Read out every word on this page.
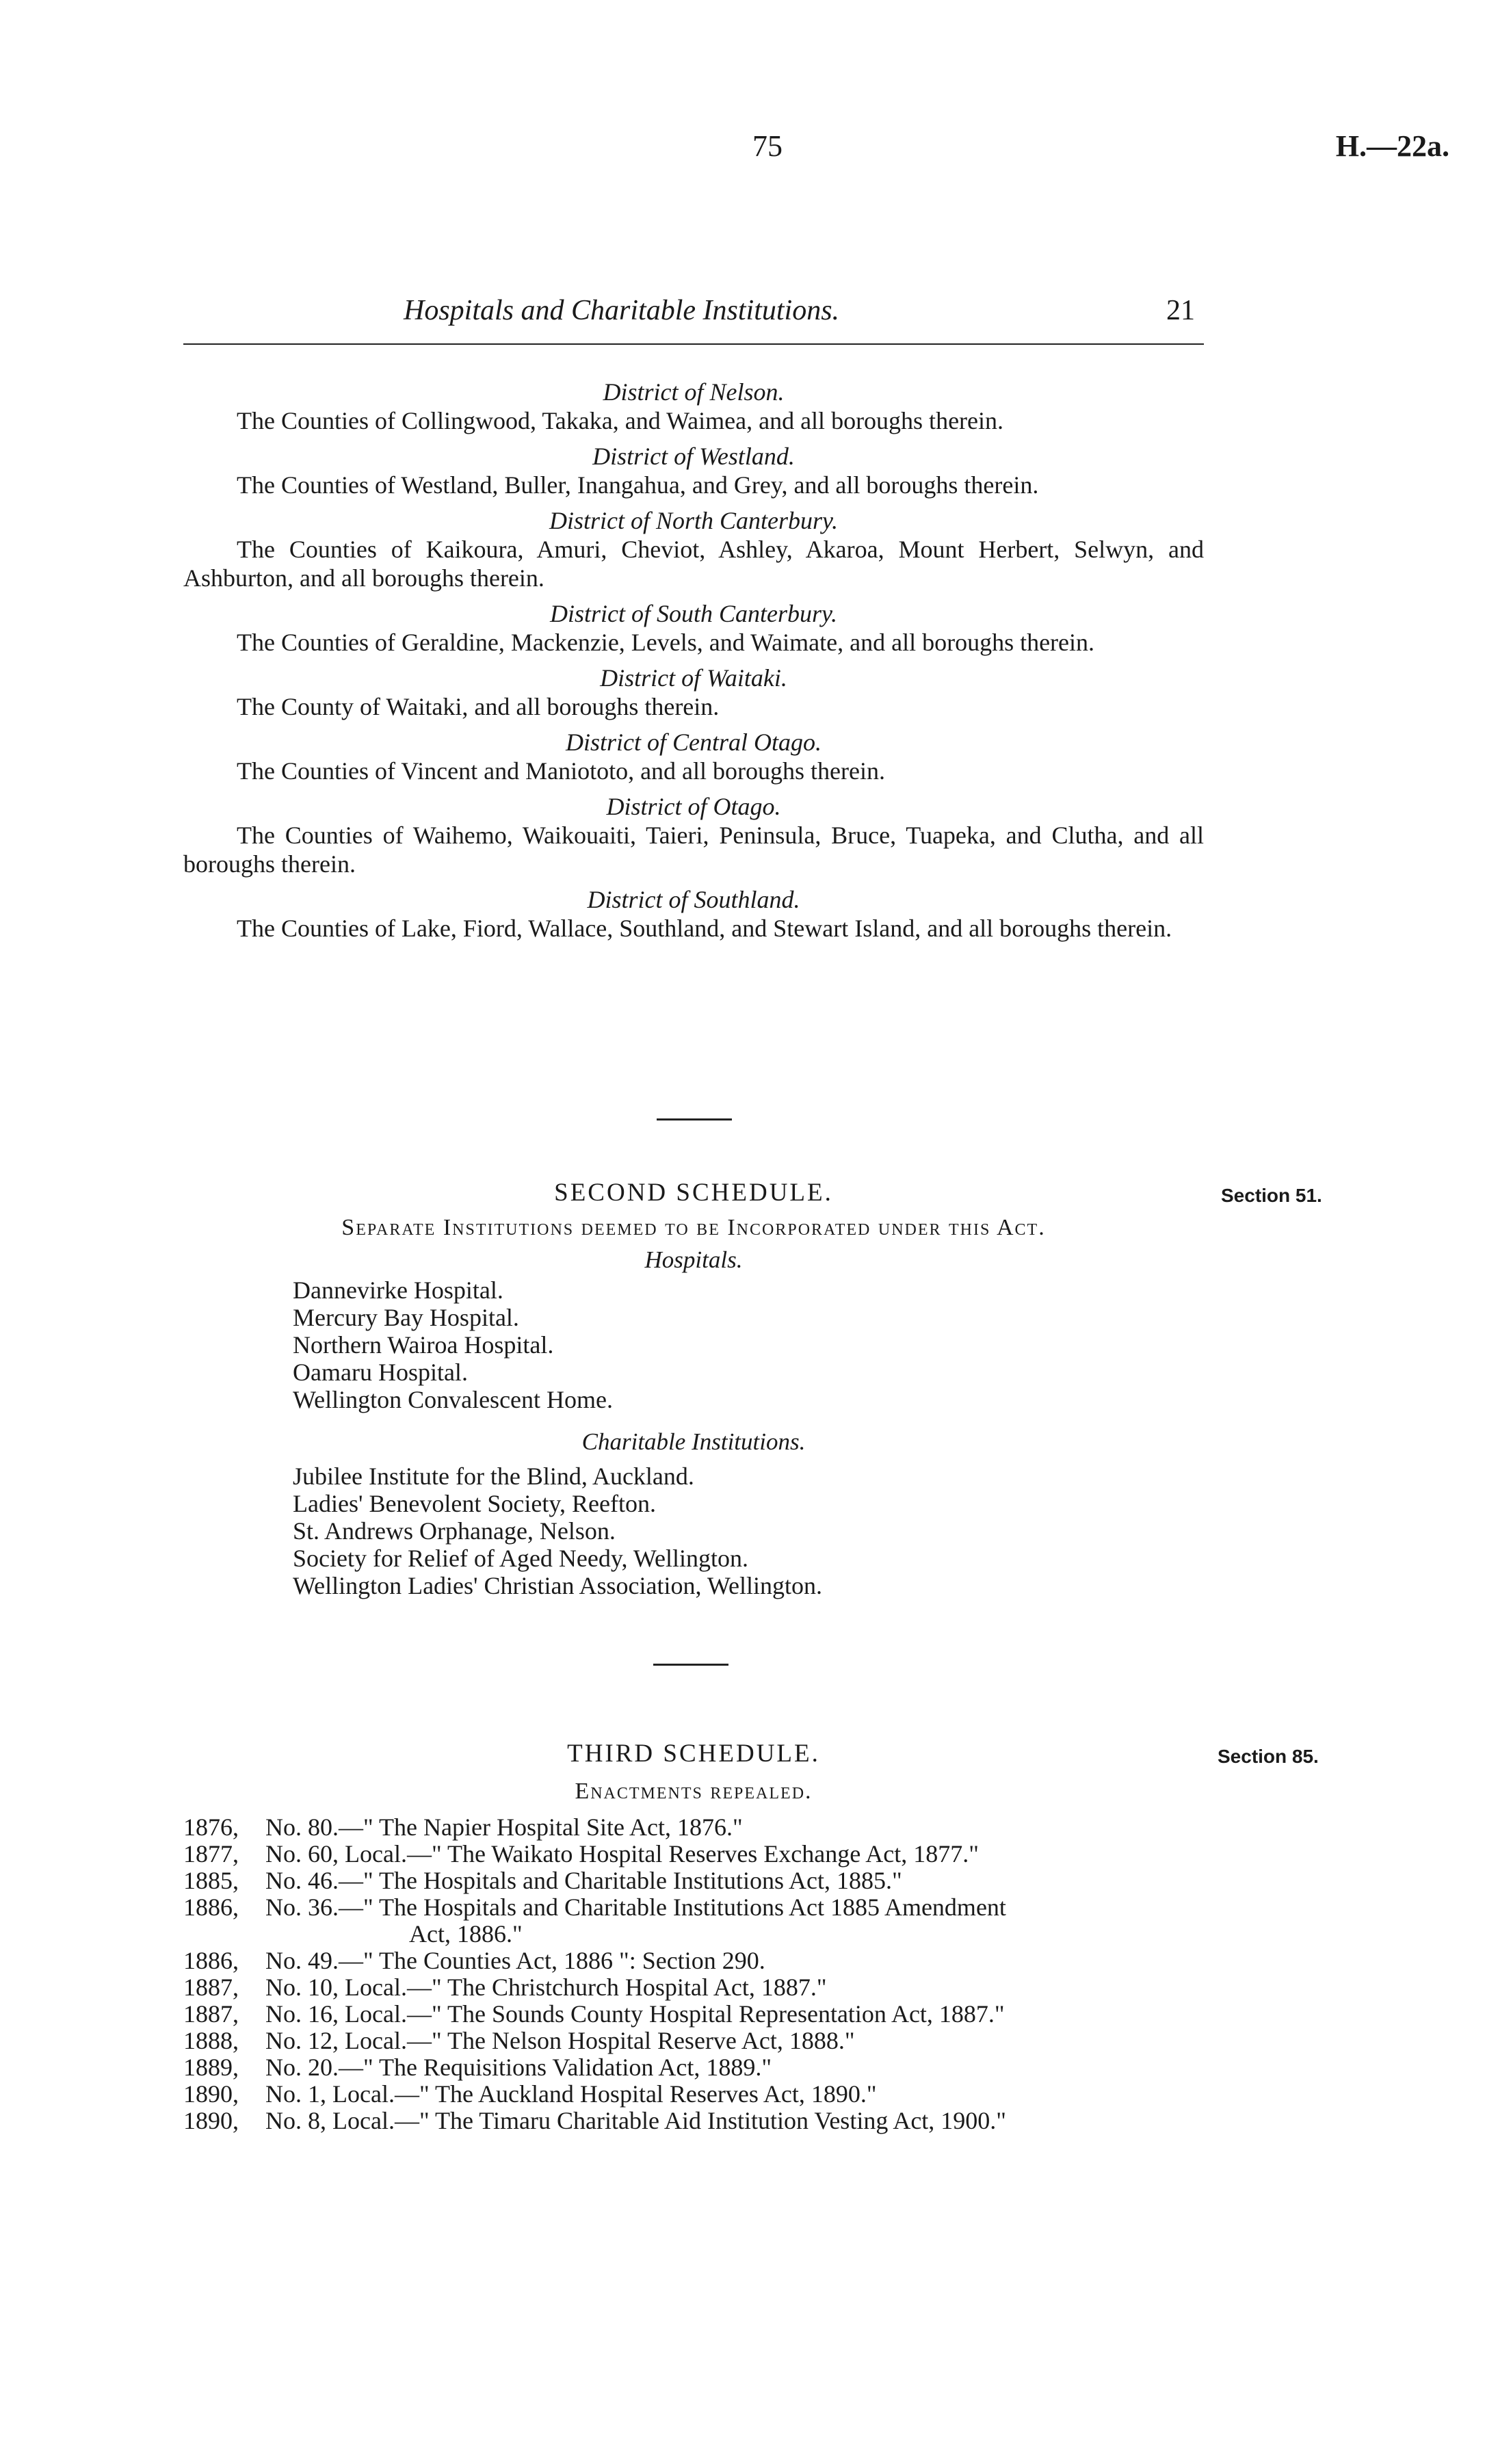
75	H.—22a.
Hospitals and Charitable Institutions.	21

District of Nelson.

The Counties of Collingwood, Takaka, and Waimea, and all boroughs therein.

District of Westland.

The Counties of Westland, Buller, Inangahua, and Grey, and all boroughs therein.

District of North Canterbury.

The Counties of Kaikoura, Amuri, Cheviot, Ashley, Akaroa, Mount Herbert, Selwyn, and Ashburton, and all boroughs therein.

District of South Canterbury.

The Counties of Geraldine, Mackenzie, Levels, and Waimate, and all boroughs therein.

District of Waitaki.

The County of Waitaki, and all boroughs therein.

District of Central Otago.

The Counties of Vincent and Maniototo, and all boroughs therein.

District of Otago.

The Counties of Waihemo, Waikouaiti, Taieri, Peninsula, Bruce, Tuapeka, and Clutha, and all boroughs therein.

District of Southland.

The Counties of Lake, Fiord, Wallace, Southland, and Stewart Island, and all boroughs therein.

SECOND SCHEDULE.	Section 51.
Separate Institutions deemed to be Incorporated under this Act.
Hospitals.
Dannevirke Hospital.
Mercury Bay Hospital.
Northern Wairoa Hospital.
Oamaru Hospital.
Wellington Convalescent Home.
Charitable Institutions.
Jubilee Institute for the Blind, Auckland.
Ladies' Benevolent Society, Reefton.
St. Andrews Orphanage, Nelson.
Society for Relief of Aged Needy, Wellington.
Wellington Ladies' Christian Association, Wellington.
THIRD SCHEDULE.	Section 85.
Enactments repealed.
1876,	No. 80.—" The Napier Hospital Site Act, 1876."
1877,	No. 60, Local.—" The Waikato Hospital Reserves Exchange Act, 1877."
1885,	No. 46.—" The Hospitals and Charitable Institutions Act, 1885."
1886,	No. 36.—" The Hospitals and Charitable Institutions Act 1885 Amendment
Act, 1886."
1886,	No. 49.—" The Counties Act, 1886 ": Section 290.
1887,	No. 10, Local.—" The Christchurch Hospital Act, 1887."
1887,	No. 16, Local.—" The Sounds County Hospital Representation Act, 1887."
1888,	No. 12, Local.—" The Nelson Hospital Reserve Act, 1888."
1889,	No. 20.—" The Requisitions Validation Act, 1889."
1890,	No. 1, Local.—" The Auckland Hospital Reserves Act, 1890."
1890,	No. 8, Local.—" The Timaru Charitable Aid Institution Vesting Act, 1900."
